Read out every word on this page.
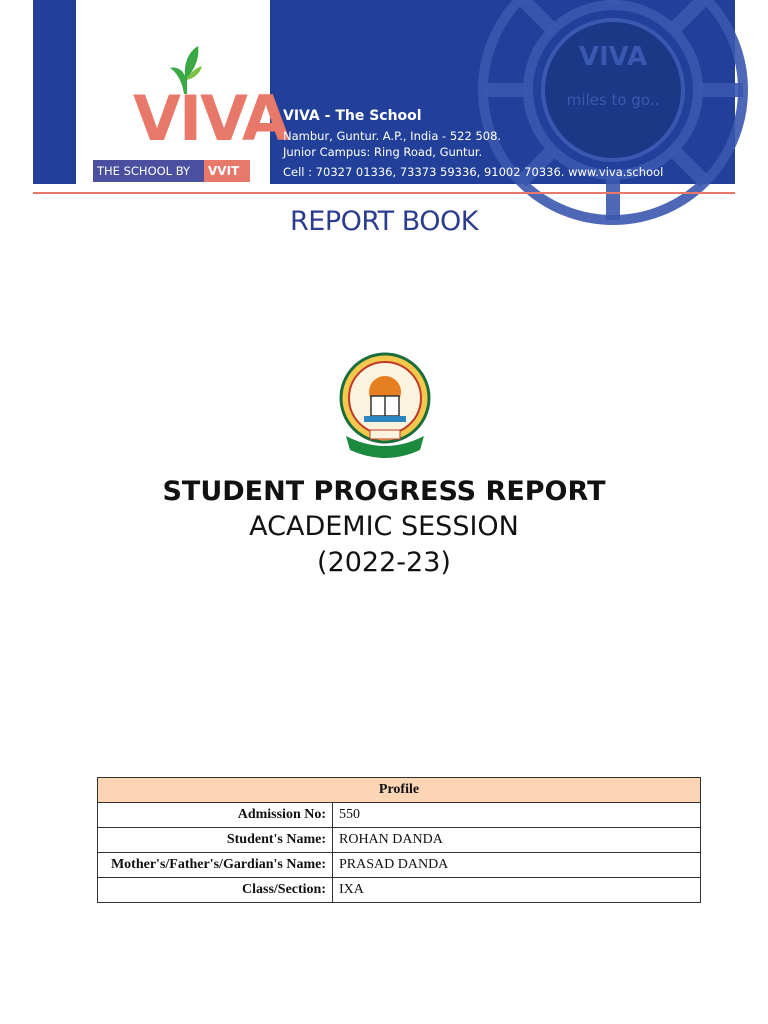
VIVA
miles to go..
VIVA
THE SCHOOL BY VVIT
VIVA - The School
Nambur, Guntur. A.P., India - 522 508.
Junior Campus: Ring Road, Guntur.
Cell : 70327 01336, 73373 59336, 91002 70336. www.viva.school
REPORT BOOK
STUDENT PROGRESS REPORT
ACADEMIC SESSION
(2022-23)
Profile	
Admission No:	550
Student's Name:	ROHAN DANDA
Mother's/Father's/Gardian's Name:	PRASAD DANDA
Class/Section:	IXA
